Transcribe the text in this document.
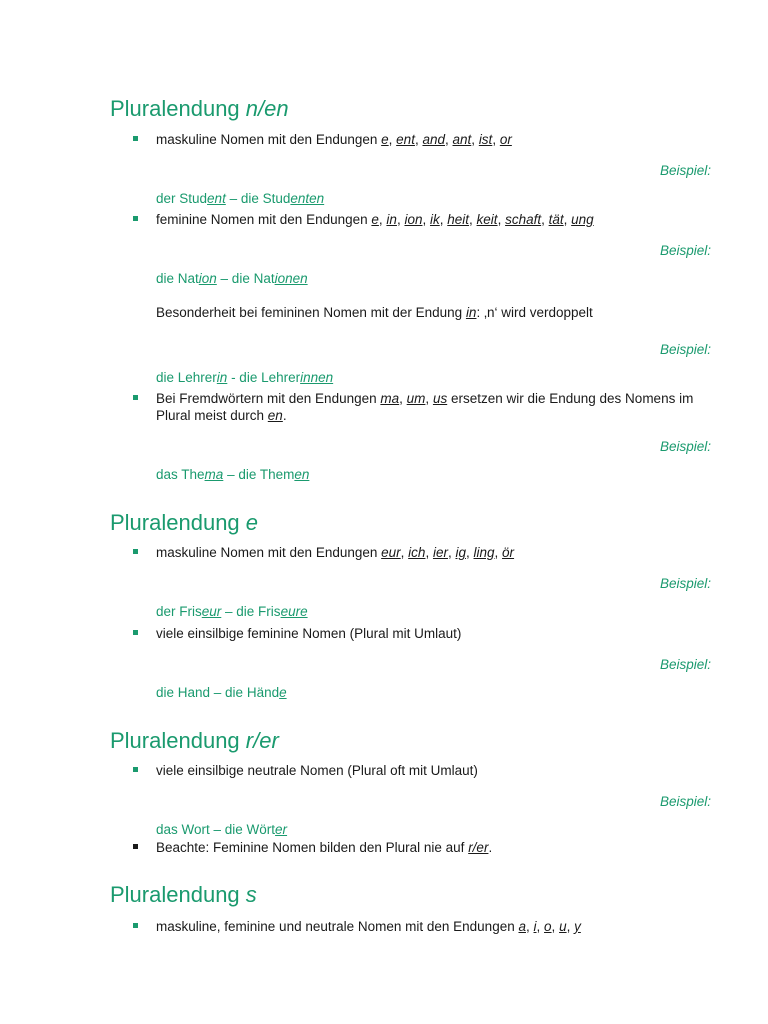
Pluralendung n/en
maskuline Nomen mit den Endungen e, ent, and, ant, ist, or
Beispiel:
der Student – die Studenten
feminine Nomen mit den Endungen e, in, ion, ik, heit, keit, schaft, tät, ung
Beispiel:
die Nation – die Nationen
Besonderheit bei femininen Nomen mit der Endung in: ‚n‘ wird verdoppelt
Beispiel:
die Lehrerin - die Lehrerinnen
Bei Fremdwörtern mit den Endungen ma, um, us ersetzen wir die Endung des Nomens im Plural meist durch en.
Beispiel:
das Thema – die Themen
Pluralendung e
maskuline Nomen mit den Endungen eur, ich, ier, ig, ling, ör
Beispiel:
der Friseur – die Friseure
viele einsilbige feminine Nomen (Plural mit Umlaut)
Beispiel:
die Hand – die Hände
Pluralendung r/er
viele einsilbige neutrale Nomen (Plural oft mit Umlaut)
Beispiel:
das Wort – die Wörter
Beachte: Feminine Nomen bilden den Plural nie auf r/er.
Pluralendung s
maskuline, feminine und neutrale Nomen mit den Endungen a, i, o, u, y
